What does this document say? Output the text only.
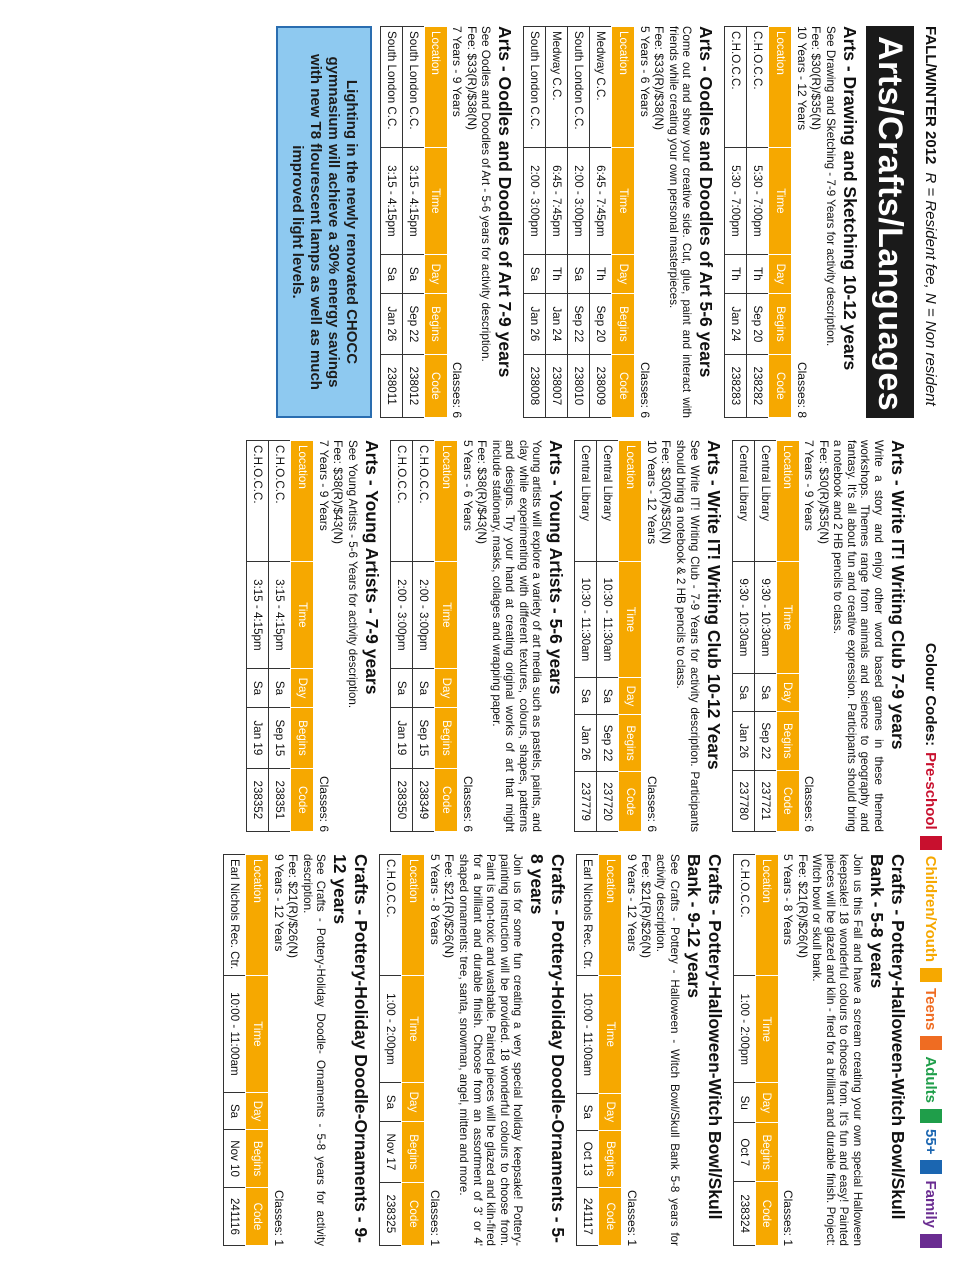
FALL/WINTER 2012
R = Resident fee, N = Non resident
Colour Codes:
Pre-school
Children/Youth
Teens
Adults
55+
Family
Arts/Crafts/Languages
Arts - Drawing and Sketching 10-12 years

See Drawing and Sketching - 7-9 Years for activity description.

Fee: $30(R)/$35(N)
10 Years - 12 Years
Classes: 8
Location	Time	Day	Begins	Code
C.H.O.C.C.	5:30 - 7:00pm	Th	Sep 20	238282
C.H.O.C.C.	5:30 - 7:00pm	Th	Jan 24	238283
Arts - Oodles and Doodles of Art 5-6 years

Come out and show your creative side. Cut, glue, paint and interact with friends while creating your own personal masterpieces.

Fee: $33(R)/$38(N)
5 Years - 6 Years
Classes: 6
Location	Time	Day	Begins	Code
Medway C.C.	6:45 - 7:45pm	Th	Sep 20	238009
South London C.C.	2:00 - 3:00pm	Sa	Sep 22	238010
Medway C.C.	6:45 - 7:45pm	Th	Jan 24	238007
South London C.C.	2:00 - 3:00pm	Sa	Jan 26	238008
Arts - Oodles and Doodles of Art 7-9 years

See Oodles and Doodles of Art - 5-6 years for activity description.

Fee: $33(R)/$38(N)
7 Years - 9 Years
Classes: 6
Location	Time	Day	Begins	Code
South London C.C.	3:15 - 4:15pm	Sa	Sep 22	238012
South London C.C.	3:15 - 4:15pm	Sa	Jan 26	238011
Lighting in the newly renovated CHOCC gymnasium will achieve a 30% energy savings with new T8 flourescent lamps as well as much improved light levels.
Arts - Write IT! Writing Club 7-9 years

Write a story and enjoy other word based games in these themed workshops. Themes range from animals and science to geography and fantasy. It's all about fun and creative expression. Participants should bring a notebook and 2 HB pencils to class.

Fee: $30(R)/$35(N)
7 Years - 9 Years
Classes: 6
Location	Time	Day	Begins	Code
Central Library	9:30 - 10:30am	Sa	Sep 22	237721
Central Library	9:30 - 10:30am	Sa	Jan 26	237780
Arts - Write IT! Writing Club 10-12 Years

See Write IT! Writing Club - 7-9 Years for activity description. Participants should bring a notebook & 2 HB pencils to class.

Fee: $30(R)/$35(N)
10 Years - 12 Years
Classes: 6
Location	Time	Day	Begins	Code
Central Library	10:30 - 11:30am	Sa	Sep 22	237720
Central Library	10:30 - 11:30am	Sa	Jan 26	237779
Arts - Young Artists - 5-6 years

Young artists will explore a variety of art media such as pastels, paints, and clay while experimenting with different textures, colours, shapes, patterns and designs. Try your hand at creating original works of art that might include stationary, masks, collages and wrapping paper.

Fee: $38(R)/$43(N)
5 Years - 6 Years
Classes: 6
Location	Time	Day	Begins	Code
C.H.O.C.C.	2:00 - 3:00pm	Sa	Sep 15	238349
C.H.O.C.C.	2:00 - 3:00pm	Sa	Jan 19	238350
Arts - Young Artists - 7-9 years

See Young Artists - 5-6 Years for activity description.

Fee: $38(R)/$43(N)
7 Years - 9 Years
Classes: 6
Location	Time	Day	Begins	Code
C.H.O.C.C.	3:15 - 4:15pm	Sa	Sep 15	238351
C.H.O.C.C.	3:15 - 4:15pm	Sa	Jan 19	238352
Crafts - Pottery-Halloween-Witch Bowl/Skull Bank - 5-8 years

Join us this Fall and have a scream creating your own special Halloween keepsake! 18 wonderful colours to choose from. It's fun and easy! Painted pieces will be glazed and kiln - fired for a brilliant and durable finish. Project: Witch bowl or skull bank.

Fee: $21(R)/$26(N)
5 Years - 8 Years
Classes: 1
Location	Time	Day	Begins	Code
C.H.O.C.C.	1:00 - 2:00pm	Su	Oct 7	238324
Crafts - Pottery-Halloween-Witch Bowl/Skull Bank - 9-12 years

See Crafts - Pottery - Halloween - Witch Bowl/Skull Bank 5-8 years for activity description.

Fee: $21(R)/$26(N)
9 Years - 12 Years
Classes: 1
Location	Time	Day	Begins	Code
Earl Nichols Rec. Ctr.	10:00 - 11:00am	Sa	Oct 13	241117
Crafts - Pottery-Holiday Doodle-Ornaments - 5-8 years

Join us for some fun creating a very special holiday keepsake! Pottery-painting instruction will be provided. 18 wonderful colours to choose from. Paint is non-toxic and washable. Painted pieces will be glazed and kiln-fired for a brilliant and durable finish. Choose from an assortment of 3' or 4' shaped ornaments: tree, santa, snowman, angel, mitten and more.

Fee: $21(R)/$26(N)
5 Years - 8 Years
Classes: 1
Location	Time	Day	Begins	Code
C.H.O.C.C.	1:00 - 2:00pm	Sa	Nov 17	238325
Crafts - Pottery-Holiday Doodle-Ornaments - 9-12 years

See Crafts - Pottery-Holiday Doodle- Ornaments - 5-8 years for activity description.

Fee: $21(R)/$26(N)
9 Years - 12 Years
Classes: 1
Location	Time	Day	Begins	Code
Earl Nichols Rec. Ctr.	10:00 - 11:00am	Sa	Nov 10	241116
